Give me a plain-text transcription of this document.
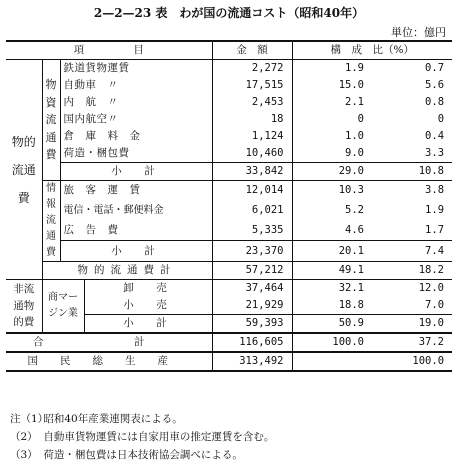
2—2—23 表　わが国の流通コスト（昭和40年）
単位：億円
項 目				金　額	構　成　比（%）	
物的流通費	物資流通費	鉄道貨物運賃		2,272	1.9	0.7
		自動車　〃		17,515	15.0	5.6
		内　航　〃		2,453	2.1	0.8
		国内航空〃		18	0	0
		倉　庫　料　金		1,124	1.0	0.4
		荷造・梱包費		10,460	9.0	3.3
		小　計		33,842	29.0	10.8
	情報流通費	旅　客　運　賃		12,014	10.3	3.8
		電信・電話・郵便料金		6,021	5.2	1.9
		広　告　費		5,335	4.6	1.7
		小　計		23,370	20.1	7.4
	物的流通費計			57,212	49.1	18.2
非流通物的費	商マージン業		卸　売	37,464	32.1	12.0
			小　売	21,929	18.8	7.0
			小　計	59,393	50.9	19.0
合　計				116,605	100.0	37.2
国民総生産				313,492		100.0
注（1） 昭和40年産業連関表による。
（2） 自動車貨物運賃には自家用車の推定運賃を含む。
（3） 荷造・梱包費は日本技術協会調べによる。
